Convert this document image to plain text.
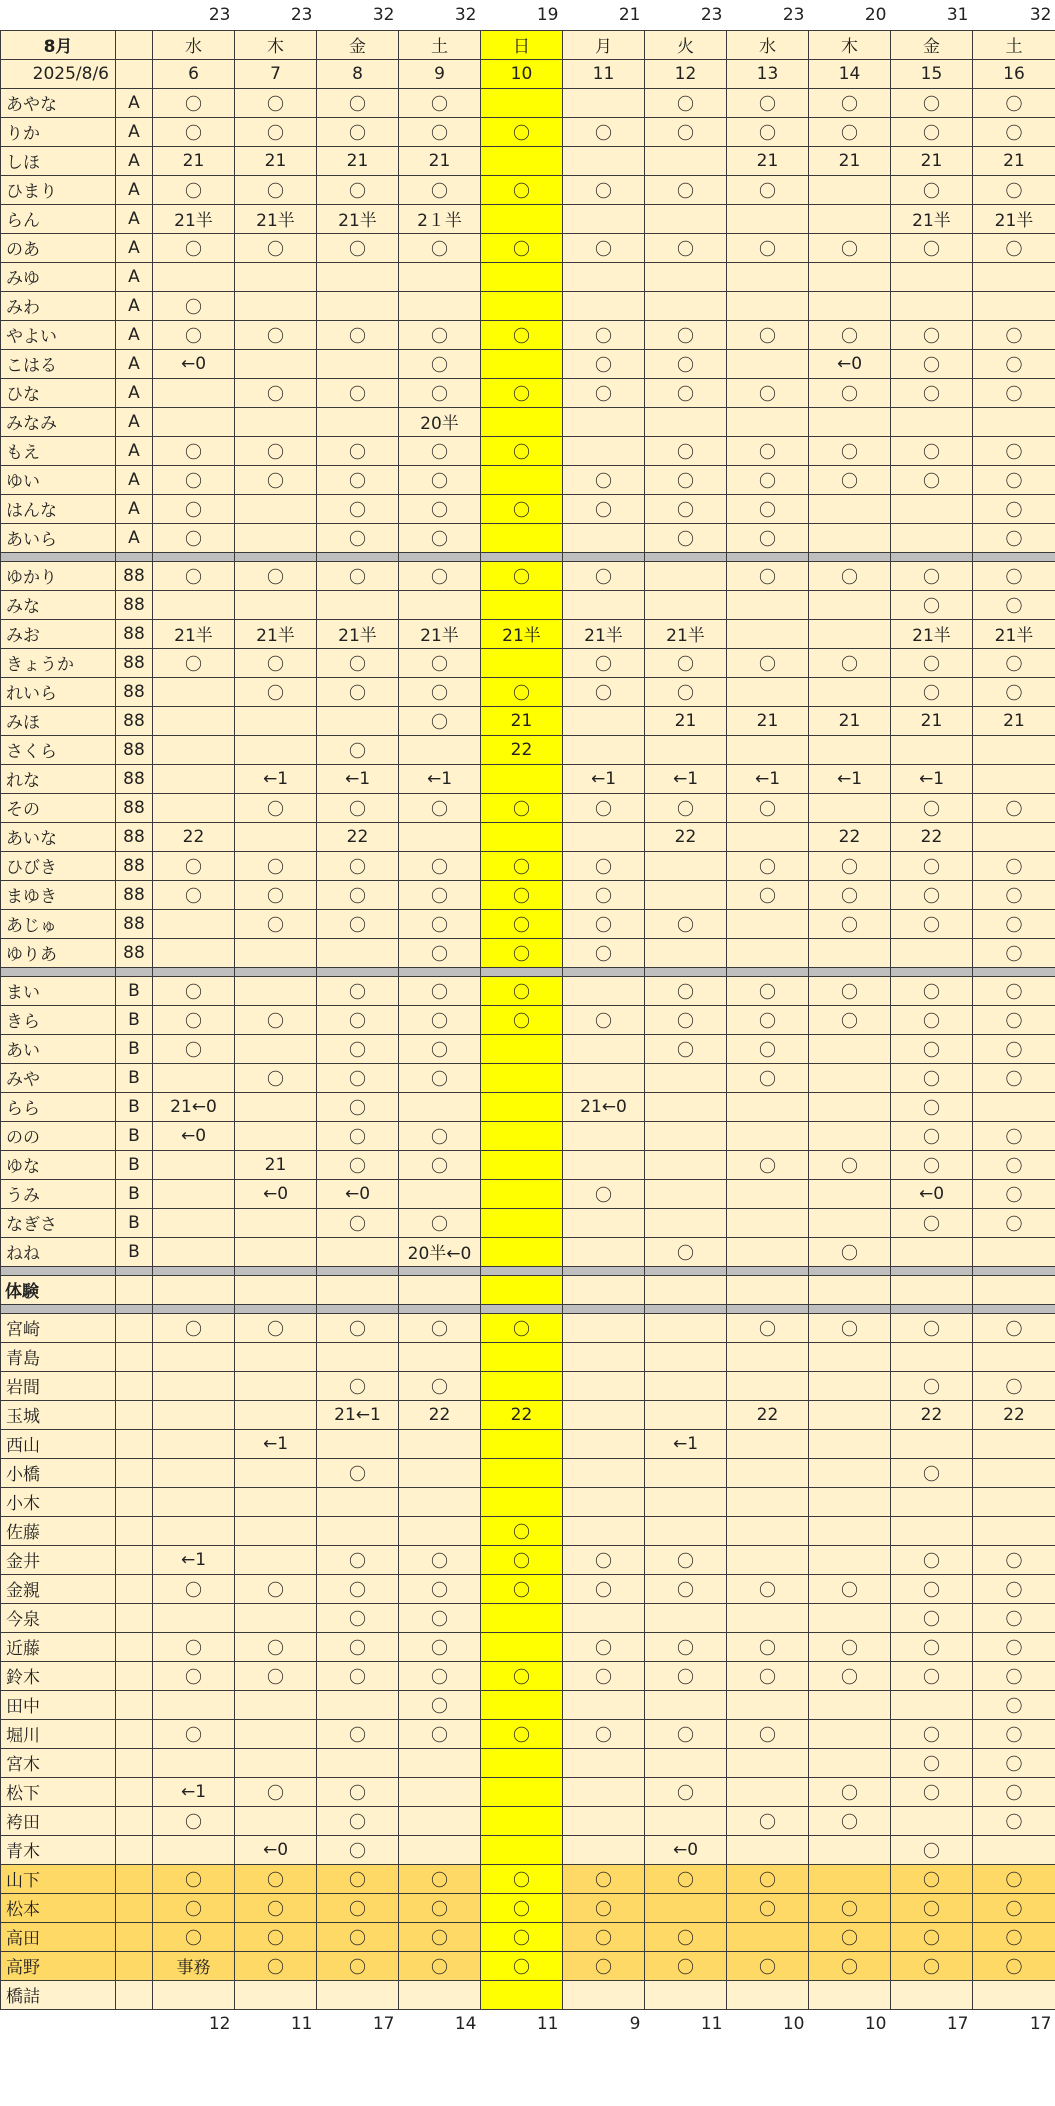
		23	23	32	32	19	21	23	23	20	31	32
8月		水	木	金	土	日	月	火	水	木	金	土
2025/8/6		6	7	8	9	10	11	12	13	14	15	16
あやな	A	〇	〇	〇	〇			〇	〇	〇	〇	〇
りか	A	〇	〇	〇	〇	〇	〇	〇	〇	〇	〇	〇
しほ	A	21	21	21	21				21	21	21	21
ひまり	A	〇	〇	〇	〇	〇	〇	〇	〇		〇	〇
らん	A	21半	21半	21半	2１半						21半	21半
のあ	A	〇	〇	〇	〇	〇	〇	〇	〇	〇	〇	〇
みゆ	A											
みわ	A	〇										
やよい	A	〇	〇	〇	〇	〇	〇	〇	〇	〇	〇	〇
こはる	A	←0			〇		〇	〇		←0	〇	〇
ひな	A		〇	〇	〇	〇	〇	〇	〇	〇	〇	〇
みなみ	A				20半							
もえ	A	〇	〇	〇	〇	〇		〇	〇	〇	〇	〇
ゆい	A	〇	〇	〇	〇		〇	〇	〇	〇	〇	〇
はんな	A	〇		〇	〇	〇	〇	〇	〇			〇
あいら	A	〇		〇	〇			〇	〇			〇

ゆかり	88	〇	〇	〇	〇	〇	〇		〇	〇	〇	〇
みな	88										〇	〇
みお	88	21半	21半	21半	21半	21半	21半	21半			21半	21半
きょうか	88	〇	〇	〇	〇		〇	〇	〇	〇	〇	〇
れいら	88		〇	〇	〇	〇	〇	〇			〇	〇
みほ	88				〇	21		21	21	21	21	21
さくら	88			〇		22						
れな	88		←1	←1	←1		←1	←1	←1	←1	←1	
その	88		〇	〇	〇	〇	〇	〇	〇		〇	〇
あいな	88	22		22				22		22	22	
ひびき	88	〇	〇	〇	〇	〇	〇		〇	〇	〇	〇
まゆき	88	〇	〇	〇	〇	〇	〇		〇	〇	〇	〇
あじゅ	88		〇	〇	〇	〇	〇	〇		〇	〇	〇
ゆりあ	88				〇	〇	〇					〇

まい	B	〇		〇	〇	〇		〇	〇	〇	〇	〇
きら	B	〇	〇	〇	〇	〇	〇	〇	〇	〇	〇	〇
あい	B	〇		〇	〇			〇	〇		〇	〇
みや	B		〇	〇	〇				〇		〇	〇
らら	B	21←0		〇			21←0				〇	
のの	B	←0		〇	〇						〇	〇
ゆな	B		21	〇	〇				〇	〇	〇	〇
うみ	B		←0	←0			〇				←0	〇
なぎさ	B			〇	〇						〇	〇
ねね	B				20半←0			〇		〇		

体験												

宮崎		〇	〇	〇	〇	〇			〇	〇	〇	〇
青島												
岩間				〇	〇						〇	〇
玉城				21←1	22	22			22		22	22
西山			←1					←1				
小橋				〇							〇	
小木												
佐藤						〇						
金井		←1		〇	〇	〇	〇	〇			〇	〇
金親		〇	〇	〇	〇	〇	〇	〇	〇	〇	〇	〇
今泉				〇	〇						〇	〇
近藤		〇	〇	〇	〇		〇	〇	〇	〇	〇	〇
鈴木		〇	〇	〇	〇	〇	〇	〇	〇	〇	〇	〇
田中					〇							〇
堀川		〇		〇	〇	〇	〇	〇	〇		〇	〇
宮木											〇	〇
松下		←1	〇	〇				〇		〇	〇	〇
袴田		〇		〇					〇	〇		〇
青木			←0	〇				←0			〇	
山下		〇	〇	〇	〇	〇	〇	〇	〇		〇	〇
松本		〇	〇	〇	〇	〇	〇		〇	〇	〇	〇
高田		〇	〇	〇	〇	〇	〇	〇		〇	〇	〇
高野		事務	〇	〇	〇	〇	〇	〇	〇	〇	〇	〇
橋詰												
		12	11	17	14	11	9	11	10	10	17	17
